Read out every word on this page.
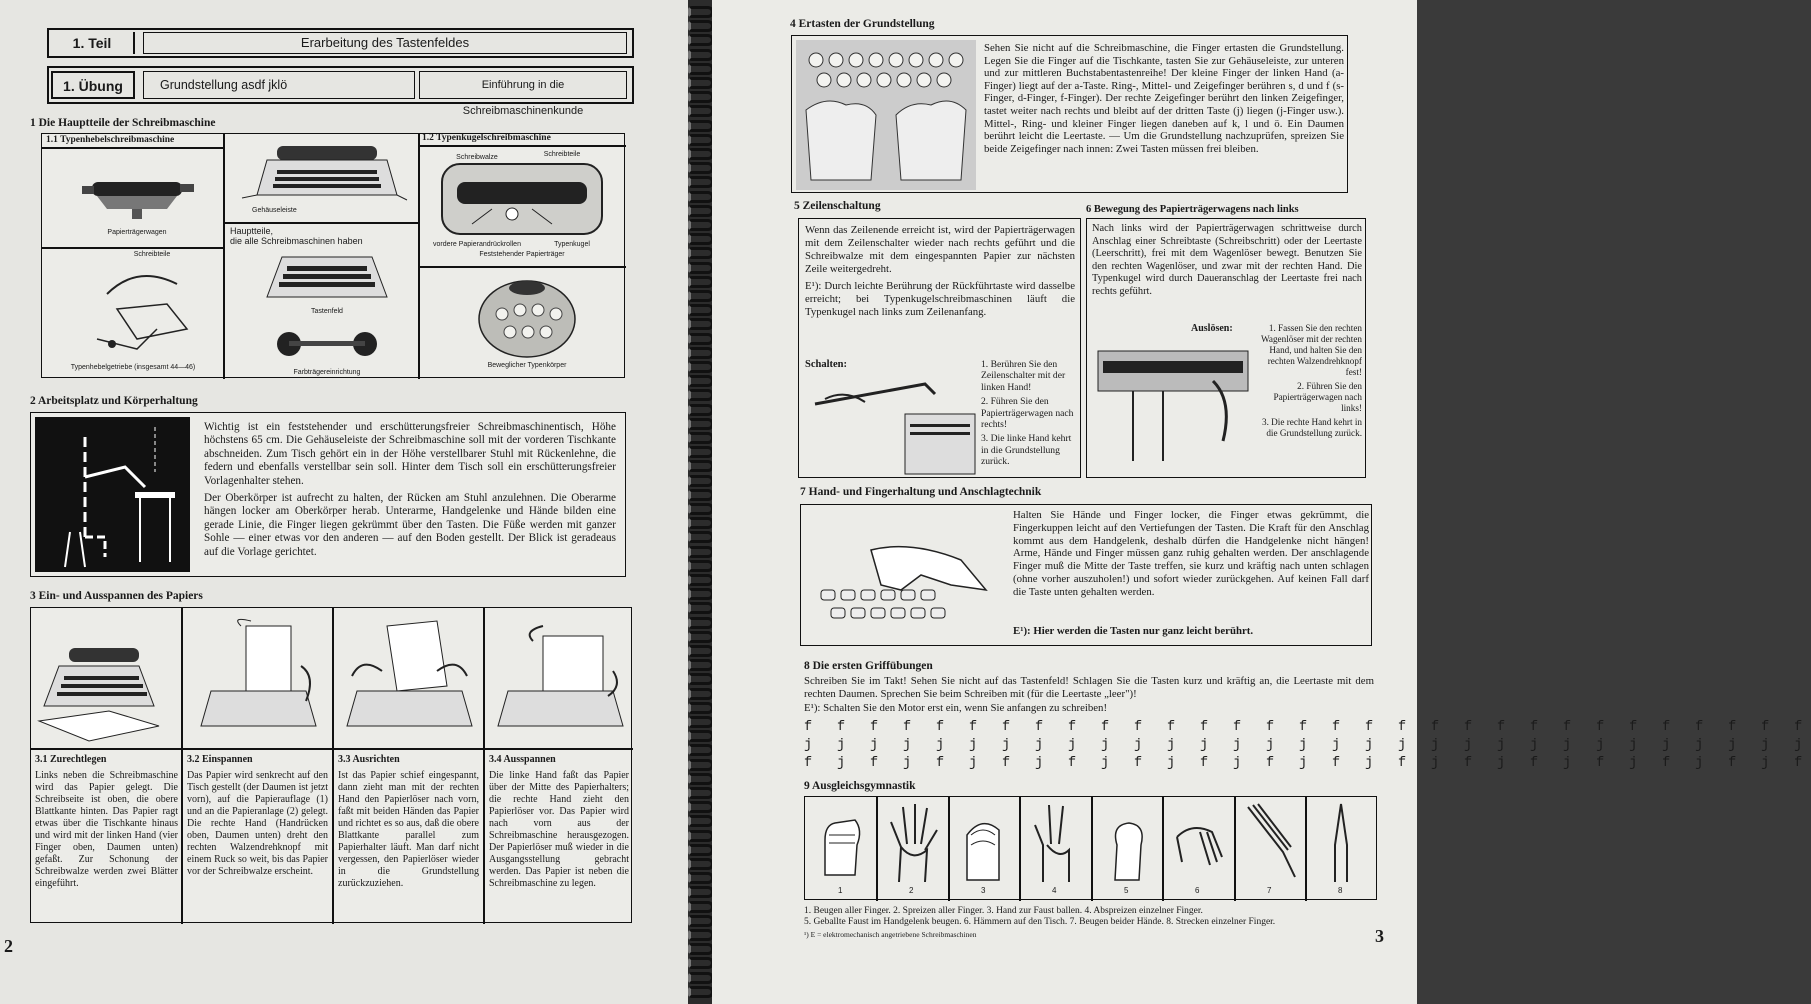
1. Teil	Erarbeitung des Tastenfeldes
1. Übung	Grundstellung asdf jklö	Einführung in die Schreibmaschinenkunde
1 Die Hauptteile der Schreibmaschine
1.1 Typenhebelschreibmaschine	1.2 Typenkugelschreibmaschine
Papierträgerwagen
Gehäuseleiste
Hauptteile,
die alle Schreibmaschinen haben
Tastenfeld
Farbträgereinrichtung
Schreibteile
Typenhebelgetriebe (insgesamt 44—46)
Schreibwalze	Schreibteile
vordere Papierandrückrollen	Typenkugel
Feststehender Papierträger
Beweglicher Typenkörper
2 Arbeitsplatz und Körperhaltung

Wichtig ist ein feststehender und erschütterungsfreier Schreibmaschinentisch, Höhe höchstens 65 cm. Die Gehäuseleiste der Schreibmaschine soll mit der vorderen Tischkante abschneiden. Zum Tisch gehört ein in der Höhe verstellbarer Stuhl mit Rückenlehne, die federn und ebenfalls verstellbar sein soll. Hinter dem Tisch soll ein erschütterungsfreier Vorlagenhalter stehen.

Der Oberkörper ist aufrecht zu halten, der Rücken am Stuhl anzulehnen. Die Oberarme hängen locker am Oberkörper herab. Unterarme, Handgelenke und Hände bilden eine gerade Linie, die Finger liegen gekrümmt über den Tasten. Die Füße werden mit ganzer Sohle — einer etwas vor den anderen — auf den Boden gestellt. Der Blick ist geradeaus auf die Vorlage gerichtet.

3 Ein- und Ausspannen des Papiers
3.1 Zurechtlegen
Links neben die Schreibmaschine wird das Papier gelegt. Die Schreibseite ist oben, die obere Blattkante hinten. Das Papier ragt etwas über die Tischkante hinaus und wird mit der linken Hand (vier Finger oben, Daumen unten) gefaßt. Zur Schonung der Schreibwalze werden zwei Blätter eingeführt.
3.2 Einspannen
Das Papier wird senkrecht auf den Tisch gestellt (der Daumen ist jetzt vorn), auf die Papierauflage (1) und an die Papieranlage (2) gelegt. Die rechte Hand (Handrücken oben, Daumen unten) dreht den rechten Walzendrehknopf mit einem Ruck so weit, bis das Papier vor der Schreibwalze erscheint.
3.3 Ausrichten
Ist das Papier schief eingespannt, dann zieht man mit der rechten Hand den Papierlöser nach vorn, faßt mit beiden Händen das Papier und richtet es so aus, daß die obere Blattkante parallel zum Papierhalter läuft. Man darf nicht vergessen, den Papierlöser wieder in die Grundstellung zurückzuziehen.
3.4 Ausspannen
Die linke Hand faßt das Papier über der Mitte des Papierhalters; die rechte Hand zieht den Papierlöser vor. Das Papier wird nach vorn aus der Schreibmaschine herausgezogen. Der Papierlöser muß wieder in die Ausgangsstellung gebracht werden. Das Papier ist neben die Schreibmaschine zu legen.
2
4 Ertasten der Grundstellung
Sehen Sie nicht auf die Schreibmaschine, die Finger ertasten die Grundstellung. Legen Sie die Finger auf die Tischkante, tasten Sie zur Gehäuseleiste, zur unteren und zur mittleren Buchstabentastenreihe! Der kleine Finger der linken Hand (a-Finger) liegt auf der a-Taste. Ring-, Mittel- und Zeigefinger berühren s, d und f (s-Finger, d-Finger, f-Finger). Der rechte Zeigefinger berührt den linken Zeigefinger, tastet weiter nach rechts und bleibt auf der dritten Taste (j) liegen (j-Finger usw.). Mittel-, Ring- und kleiner Finger liegen daneben auf k, l und ö. Ein Daumen berührt leicht die Leertaste. — Um die Grundstellung nachzuprüfen, spreizen Sie beide Zeigefinger nach innen: Zwei Tasten müssen frei bleiben.
5 Zeilenschaltung

Wenn das Zeilenende erreicht ist, wird der Papierträgerwagen mit dem Zeilenschalter wieder nach rechts geführt und die Schreibwalze mit dem eingespannten Papier zur nächsten Zeile weitergedreht.

E¹): Durch leichte Berührung der Rückführtaste wird dasselbe erreicht; bei Typenkugelschreibmaschinen läuft die Typenkugel nach links zum Zeilenanfang.

Schalten:	1. Berühren Sie den Zeilenschalter mit der linken Hand!
2. Führen Sie den Papierträgerwagen nach rechts!
3. Die linke Hand kehrt in die Grundstellung zurück.
6 Bewegung des Papierträgerwagens nach links
Nach links wird der Papierträgerwagen schrittweise durch Anschlag einer Schreibtaste (Schreibschritt) oder der Leertaste (Leerschritt), frei mit dem Wagenlöser bewegt. Benutzen Sie den rechten Wagenlöser, und zwar mit der rechten Hand. Die Typenkugel wird durch Daueranschlag der Leertaste frei nach rechts geführt.
Auslösen:	1. Fassen Sie den rechten Wagenlöser mit der rechten Hand, und halten Sie den rechten Walzendrehknopf fest!
2. Führen Sie den Papierträgerwagen nach links!
3. Die rechte Hand kehrt in die Grundstellung zurück.
7 Hand- und Fingerhaltung und Anschlagtechnik
Halten Sie Hände und Finger locker, die Finger etwas gekrümmt, die Fingerkuppen leicht auf den Vertiefungen der Tasten. Die Kraft für den Anschlag kommt aus dem Handgelenk, deshalb dürfen die Handgelenke nicht hängen! Arme, Hände und Finger müssen ganz ruhig gehalten werden. Der anschlagende Finger muß die Mitte der Taste treffen, sie kurz und kräftig nach unten schlagen (ohne vorher auszuholen!) und sofort wieder zurückgehen. Auf keinen Fall darf die Taste unten gehalten werden.
E¹): Hier werden die Tasten nur ganz leicht berührt.
8 Die ersten Griffübungen
Schreiben Sie im Takt! Sehen Sie nicht auf das Tastenfeld! Schlagen Sie die Tasten kurz und kräftig an, die Leertaste mit dem rechten Daumen. Sprechen Sie beim Schreiben mit (für die Leertaste „leer")!
E¹): Schalten Sie den Motor erst ein, wenn Sie anfangen zu schreiben!
f f f f f f f f f f f f f f f f f f f f f f f f f f f f f f f
j j j j j j j j j j j j j j j j j j j j j j j j j j j j j j j
f j f j f j f j f j f j f j f j f j f j f j f j f j f j f j f
9 Ausgleichsgymnastik
1	2	3	4	5	6	7	8
1. Beugen aller Finger. 2. Spreizen aller Finger. 3. Hand zur Faust ballen. 4. Abspreizen einzelner Finger.
5. Geballte Faust im Handgelenk beugen. 6. Hämmern auf den Tisch. 7. Beugen beider Hände. 8. Strecken einzelner Finger.
¹) E = elektromechanisch angetriebene Schreibmaschinen	3
